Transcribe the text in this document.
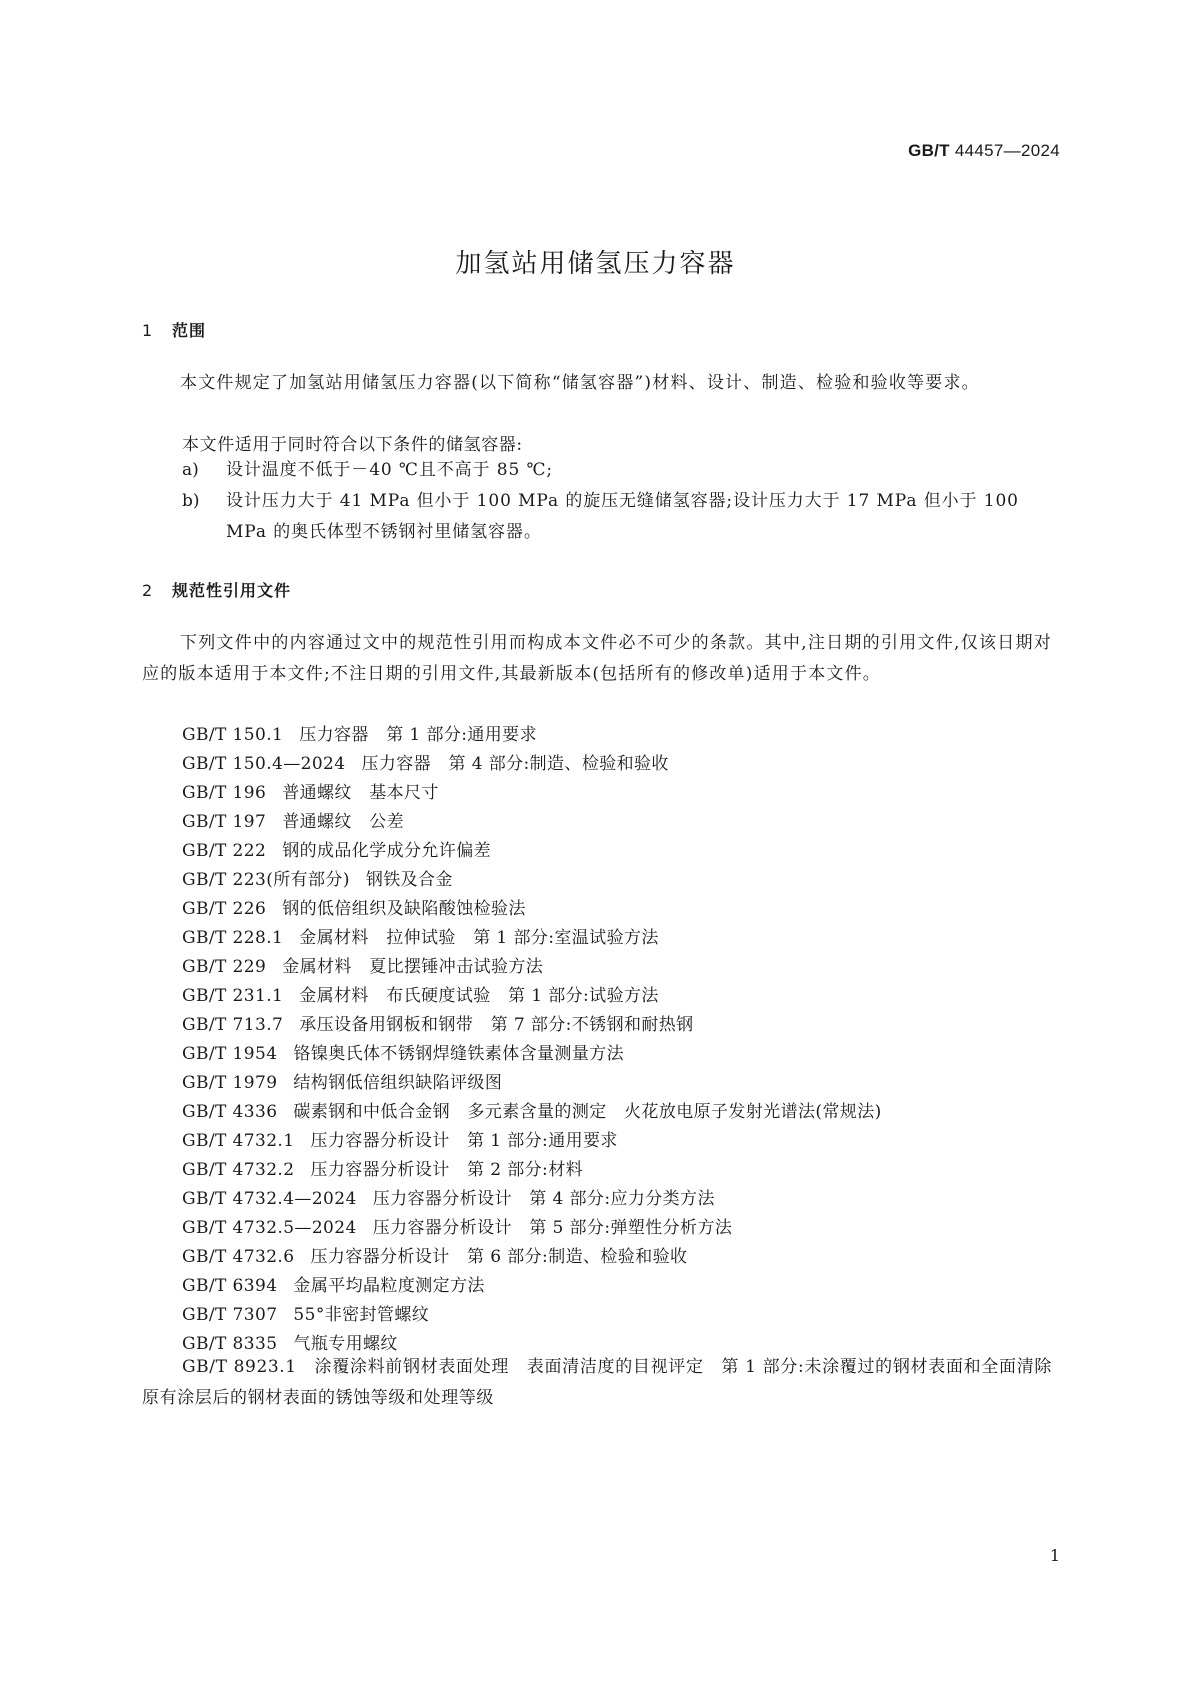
GB/T 44457—2024
加氢站用储氢压力容器
1 范围
本文件规定了加氢站用储氢压力容器(以下简称“储氢容器”)材料、设计、制造、检验和验收等要求。
本文件适用于同时符合以下条件的储氢容器:
a)	设计温度不低于－40 ℃且不高于 85 ℃;
b)	设计压力大于 41 MPa 但小于 100 MPa 的旋压无缝储氢容器;设计压力大于 17 MPa 但小于 100 MPa 的奥氏体型不锈钢衬里储氢容器。
2 规范性引用文件
下列文件中的内容通过文中的规范性引用而构成本文件必不可少的条款。其中,注日期的引用文件,仅该日期对应的版本适用于本文件;不注日期的引用文件,其最新版本(包括所有的修改单)适用于本文件。
GB/T 150.1 压力容器　第 1 部分:通用要求
GB/T 150.4—2024 压力容器　第 4 部分:制造、检验和验收
GB/T 196 普通螺纹　基本尺寸
GB/T 197 普通螺纹　公差
GB/T 222 钢的成品化学成分允许偏差
GB/T 223(所有部分) 钢铁及合金
GB/T 226 钢的低倍组织及缺陷酸蚀检验法
GB/T 228.1 金属材料　拉伸试验　第 1 部分:室温试验方法
GB/T 229 金属材料　夏比摆锤冲击试验方法
GB/T 231.1 金属材料　布氏硬度试验　第 1 部分:试验方法
GB/T 713.7 承压设备用钢板和钢带　第 7 部分:不锈钢和耐热钢
GB/T 1954 铬镍奥氏体不锈钢焊缝铁素体含量测量方法
GB/T 1979 结构钢低倍组织缺陷评级图
GB/T 4336 碳素钢和中低合金钢　多元素含量的测定　火花放电原子发射光谱法(常规法)
GB/T 4732.1 压力容器分析设计　第 1 部分:通用要求
GB/T 4732.2 压力容器分析设计　第 2 部分:材料
GB/T 4732.4—2024 压力容器分析设计　第 4 部分:应力分类方法
GB/T 4732.5—2024 压力容器分析设计　第 5 部分:弹塑性分析方法
GB/T 4732.6 压力容器分析设计　第 6 部分:制造、检验和验收
GB/T 6394 金属平均晶粒度测定方法
GB/T 7307 55°非密封管螺纹
GB/T 8335 气瓶专用螺纹
GB/T 8923.1　 涂覆涂料前钢材表面处理　表面清洁度的目视评定　第 1 部分:未涂覆过的钢材表面和全面清除原有涂层后的钢材表面的锈蚀等级和处理等级
1
